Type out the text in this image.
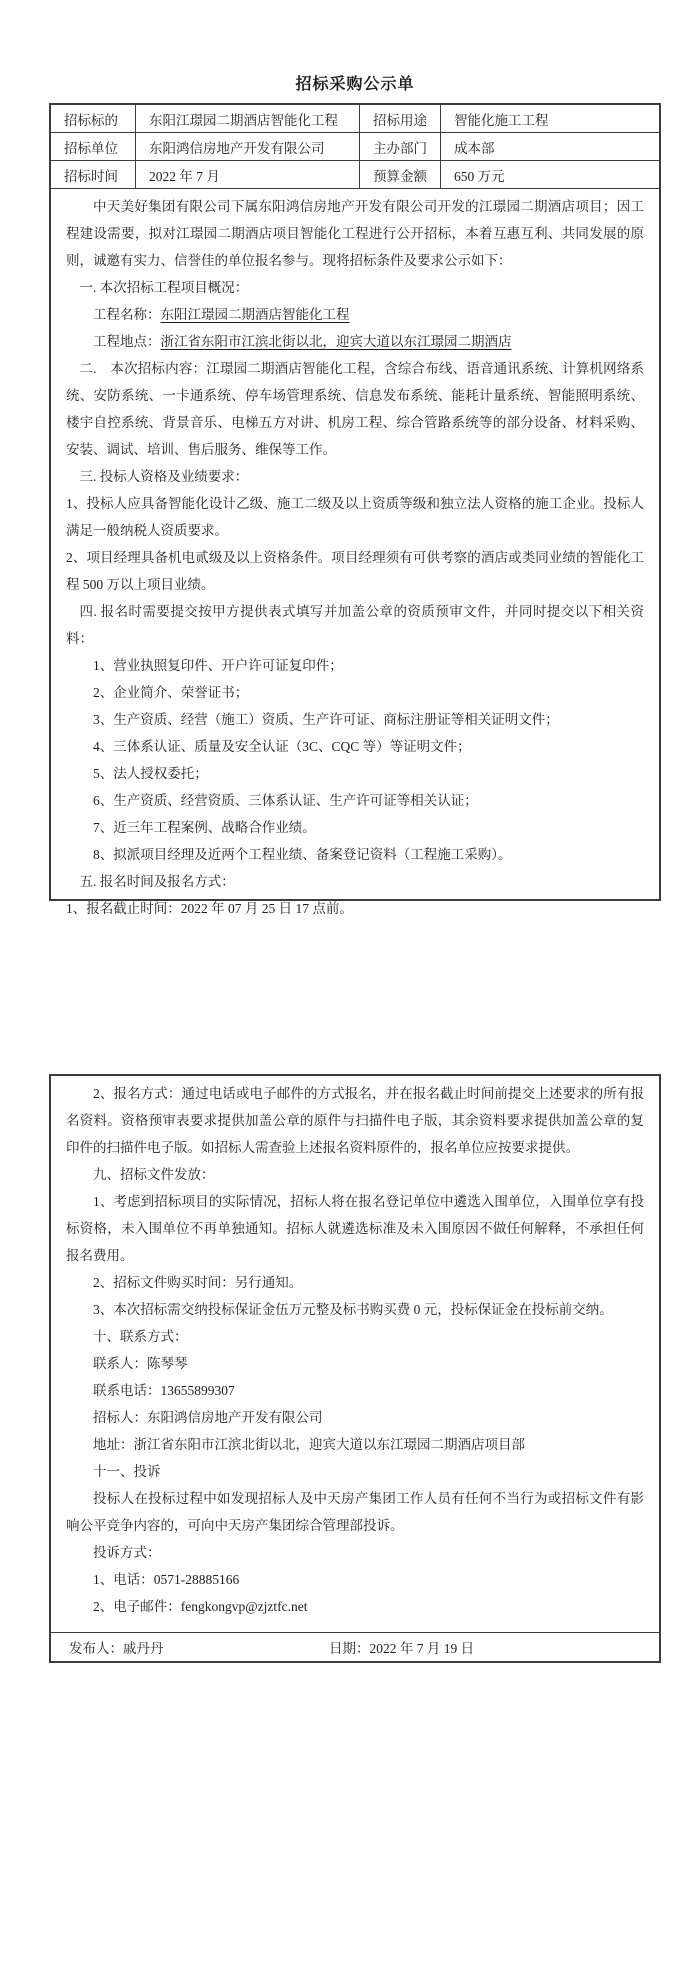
招标采购公示单
招标标的	东阳江璟园二期酒店智能化工程	招标用途	智能化施工工程
招标单位	东阳鸿信房地产开发有限公司	主办部门	成本部
招标时间	2022 年 7 月	预算金额	650 万元

中天美好集团有限公司下属东阳鸿信房地产开发有限公司开发的江璟园二期酒店项目；因工程建设需要，拟对江璟园二期酒店项目智能化工程进行公开招标，本着互惠互利、共同发展的原则，诚邀有实力、信誉佳的单位报名参与。现将招标条件及要求公示如下：

一. 本次招标工程项目概况：

工程名称：东阳江璟园二期酒店智能化工程

工程地点：浙江省东阳市江滨北街以北，迎宾大道以东江璟园二期酒店

二.　本次招标内容：江璟园二期酒店智能化工程，含综合布线、语音通讯系统、计算机网络系统、安防系统、一卡通系统、停车场管理系统、信息发布系统、能耗计量系统、智能照明系统、楼宇自控系统、背景音乐、电梯五方对讲、机房工程、综合管路系统等的部分设备、材料采购、安装、调试、培训、售后服务、维保等工作。

三. 投标人资格及业绩要求：

1、投标人应具备智能化设计乙级、施工二级及以上资质等级和独立法人资格的施工企业。投标人满足一般纳税人资质要求。

2、项目经理具备机电贰级及以上资格条件。项目经理须有可供考察的酒店或类同业绩的智能化工程 500 万以上项目业绩。

四. 报名时需要提交按甲方提供表式填写并加盖公章的资质预审文件，并同时提交以下相关资料：

1、营业执照复印件、开户许可证复印件；

2、企业简介、荣誉证书；

3、生产资质、经营（施工）资质、生产许可证、商标注册证等相关证明文件；

4、三体系认证、质量及安全认证（3C、CQC 等）等证明文件；

5、法人授权委托；

6、生产资质、经营资质、三体系认证、生产许可证等相关认证；

7、近三年工程案例、战略合作业绩。

8、拟派项目经理及近两个工程业绩、备案登记资料（工程施工采购）。

五. 报名时间及报名方式：

1、报名截止时间：2022 年 07 月 25 日 17 点前。

2、报名方式：通过电话或电子邮件的方式报名，并在报名截止时间前提交上述要求的所有报名资料。资格预审表要求提供加盖公章的原件与扫描件电子版，其余资料要求提供加盖公章的复印件的扫描件电子版。如招标人需查验上述报名资料原件的，报名单位应按要求提供。

九、招标文件发放：

1、考虑到招标项目的实际情况，招标人将在报名登记单位中遴选入围单位，入围单位享有投标资格，未入围单位不再单独通知。招标人就遴选标准及未入围原因不做任何解释，不承担任何报名费用。

2、招标文件购买时间：另行通知。

3、本次招标需交纳投标保证金伍万元整及标书购买费 0 元，投标保证金在投标前交纳。

十、联系方式：

联系人：陈琴琴

联系电话：13655899307

招标人：东阳鸿信房地产开发有限公司

地址：浙江省东阳市江滨北街以北，迎宾大道以东江璟园二期酒店项目部

十一、投诉

投标人在投标过程中如发现招标人及中天房产集团工作人员有任何不当行为或招标文件有影响公平竞争内容的，可向中天房产集团综合管理部投诉。

投诉方式：

1、电话：0571-28885166

2、电子邮件：fengkongvp@zjztfc.net

发布人：戚丹丹	日期：2022 年 7 月 19 日
